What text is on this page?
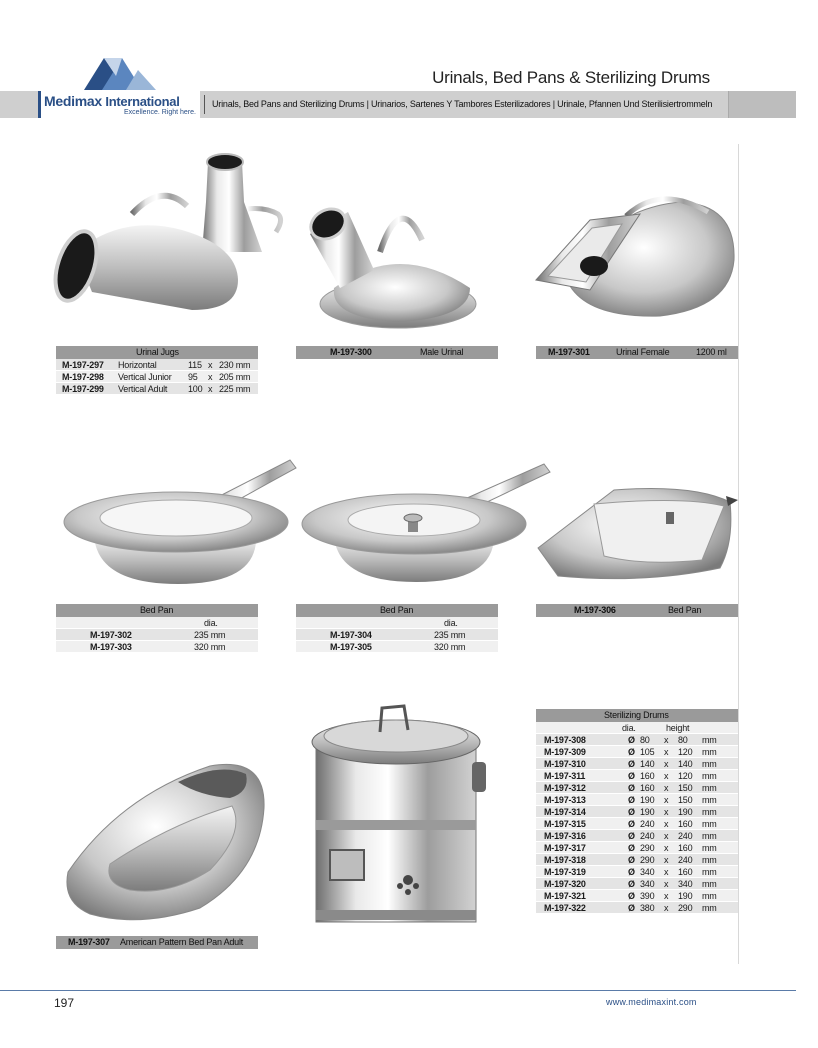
Urinals, Bed Pans & Sterilizing Drums
Medimax International
Excellence. Right here.
Urinals, Bed Pans and Sterilizing Drums | Urinarios, Sartenes Y Tambores Esterilizadores | Urinale, Pfannen Und Sterilisiertrommeln
Urinal Jugs
M-197-297 Horizontal	115 x 230 mm
M-197-298 Vertical Junior 95 x 205 mm
M-197-299 Vertical Adult 100 x 225 mm
M-197-300	Male Urinal	M-197-301	Urinal Female	1200 ml
Bed Pan
dia.
M-197-302	235 mm
M-197-303	320 mm
Bed Pan
dia.
M-197-304	235 mm
M-197-305	320 mm
M-197-306	Bed Pan
M-197-307 American Pattern Bed Pan Adult
Sterilizing Drums
dia.	height
M-197-308	Ø 80 x 80 mm
M-197-309	Ø 105 x 120 mm
M-197-310	Ø 140 x 140 mm
M-197-311	Ø 160 x 120 mm
M-197-312	Ø 160 x 150 mm
M-197-313	Ø 190 x 150 mm
M-197-314	Ø 190 x 190 mm
M-197-315	Ø 240 x 160 mm
M-197-316	Ø 240 x 240 mm
M-197-317	Ø 290 x 160 mm
M-197-318	Ø 290 x 240 mm
M-197-319	Ø 340 x 160 mm
M-197-320	Ø 340 x 340 mm
M-197-321	Ø 390 x 190 mm
M-197-322	Ø 380 x 290 mm
197	www.medimaxint.com
